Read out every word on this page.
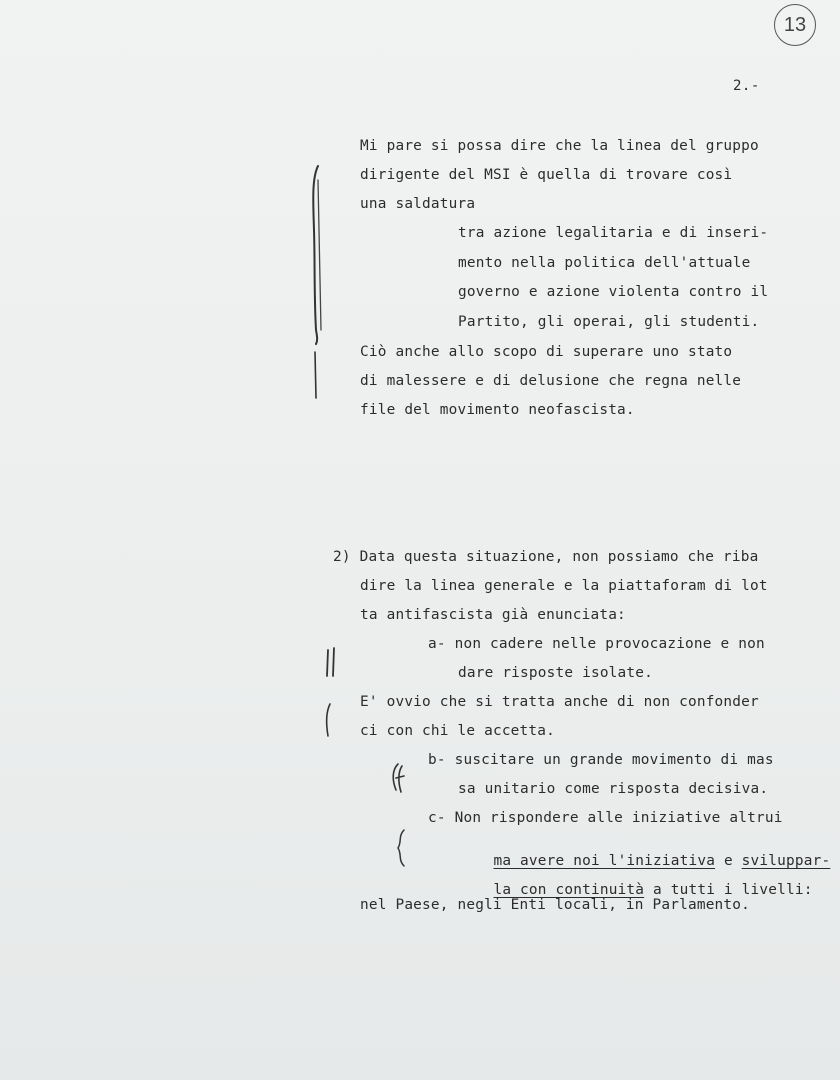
13
2.-
Mi pare si possa dire che la linea del gruppo
dirigente del MSI è quella di trovare così
una saldatura
tra azione legalitaria e di inseri-
mento nella politica dell'attuale
governo e azione violenta contro il
Partito, gli operai, gli studenti.
Ciò anche allo scopo di superare uno stato
di malessere e di delusione che regna nelle
file del movimento neofascista.
2) Data questa situazione, non possiamo che riba
dire la linea generale e la piattaforam di lot
ta antifascista già enunciata:
a- non cadere nelle provocazione e non
dare risposte isolate.
E' ovvio che si tratta anche di non confonder
ci con chi le accetta.
b- suscitare un grande movimento di mas
sa unitario come risposta decisiva.
c- Non rispondere alle iniziative altrui

ma avere noi l'iniziativa e sviluppar-

la con continuità a tutti i livelli:

nel Paese, negli Enti locali, in Parlamento.
